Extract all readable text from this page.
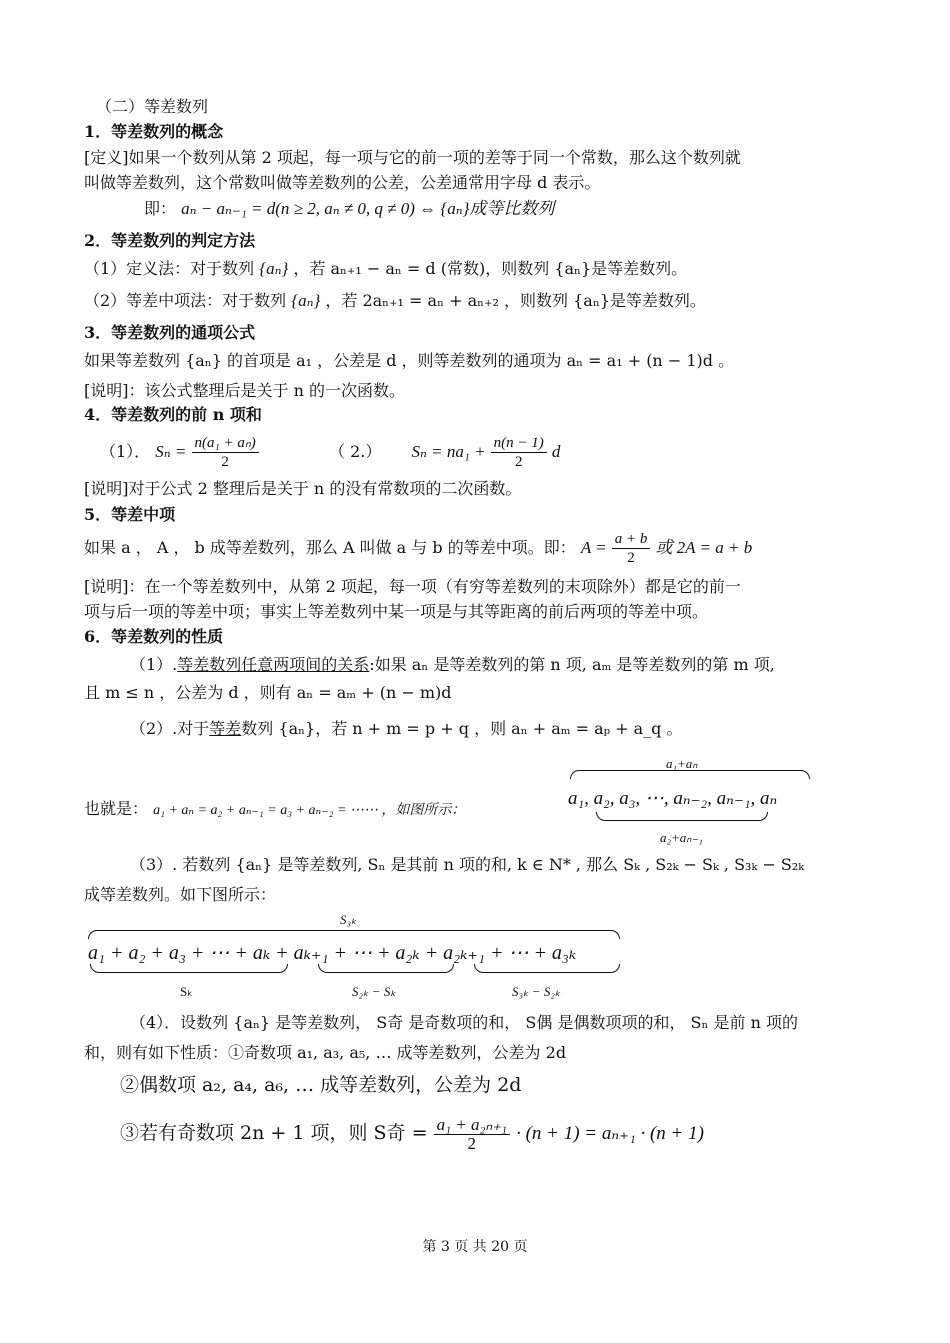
（二）等差数列
1．等差数列的概念
[定义]如果一个数列从第 2 项起，每一项与它的前一项的差等于同一个常数，那么这个数列就
叫做等差数列，这个常数叫做等差数列的公差，公差通常用字母 d 表示。
即： aₙ − aₙ₋₁ = d(n ≥ 2, aₙ ≠ 0, q ≠ 0) ⇔ {aₙ}成等比数列
2．等差数列的判定方法
（1）定义法：对于数列 {aₙ} ，若 aₙ₊₁ − aₙ = d (常数)，则数列 {aₙ}是等差数列。
（2）等差中项法：对于数列 {aₙ} ，若 2aₙ₊₁ = aₙ + aₙ₊₂ ，则数列 {aₙ}是等差数列。
3．等差数列的通项公式
如果等差数列 {aₙ} 的首项是 a₁ ，公差是 d ，则等差数列的通项为 aₙ = a₁ + (n − 1)d 。
[说明]：该公式整理后是关于 n 的一次函数。
4．等差数列的前 n 项和
（1）． $S_n = \frac{\text{n(a₁ + aₙ)}}{2}$	（ 2.） $S_n = na_1 + \frac{n(n - 1)}{2}$ d
[说明]对于公式 2 整理后是关于 n 的没有常数项的二次函数。
5．等差中项
如果 a ， A ， b 成等差数列，那么 A 叫做 a 与 b 的等差中项。即： $A = \frac{a + b}{2}$ 或 2A = a + b
[说明]：在一个等差数列中，从第 2 项起，每一项（有穷等差数列的末项除外）都是它的前一
项与后一项的等差中项；事实上等差数列中某一项是与其等距离的前后两项的等差中项。
6．等差数列的性质
（1）.等差数列任意两项间的关系:如果 aₙ 是等差数列的第 n 项, aₘ 是等差数列的第 m 项,
且 m ≤ n ，公差为 d ，则有 aₙ = aₘ + (n − m)d
（2）.对于等差数列 {aₙ}，若 n + m = p + q ，则 aₙ + aₘ = aₚ + a_q 。
a₁+aₙ
也就是： a₁ + aₙ = a₂ + aₙ₋₁ = a₃ + aₙ₋₂ = ⋯⋯ ，如图所示：
a₁, a₂, a₃, ⋯, aₙ₋₂, aₙ₋₁, aₙ
a₂+aₙ₋₁
（3）. 若数列 {aₙ} 是等差数列, Sₙ 是其前 n 项的和, k ∈ N* , 那么 Sₖ , S₂ₖ − Sₖ , S₃ₖ − S₂ₖ
成等差数列。如下图所示：
S₃ₖ
a₁ + a₂ + a₃ + ⋯ + aₖ + aₖ₊₁ + ⋯ + a₂ₖ + a₂ₖ₊₁ + ⋯ + a₃ₖ
Sₖ	S₂ₖ − Sₖ	S₃ₖ − S₂ₖ
（4）．设数列 {aₙ} 是等差数列， S奇 是奇数项的和， S偶 是偶数项项的和， Sₙ 是前 n 项的
和，则有如下性质：①奇数项 a₁, a₃, a₅, … 成等差数列，公差为 2d
②偶数项 a₂, a₄, a₆, … 成等差数列，公差为 2d
③若有奇数项 2n + 1 项，则 S奇 = $\frac{\text{a₁ + a₂ₙ₊₁}}{2} \cdot (n + 1) = a_{n+1} \cdot (n + 1)$
第 3 页 共 20 页
